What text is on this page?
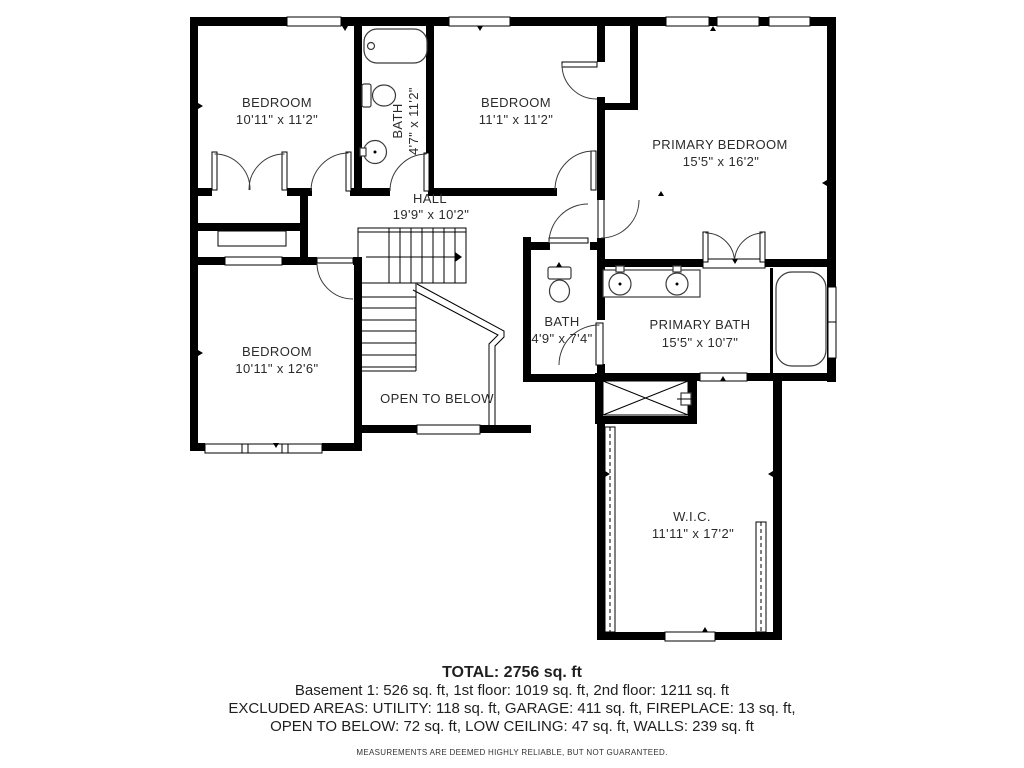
BEDROOM
10'11" x 11'2"	BATH 4'7" x 11'2"	BEDROOM
11'1" x 11'2"
PRIMARY BEDROOM
15'5" x 16'2"
HALL
19'9" x 10'2"
BEDROOM
10'11" x 12'6"
BATH
4'9" x 7'4"
PRIMARY BATH
15'5" x 10'7"
OPEN TO BELOW
W.I.C.
11'11" x 17'2"
TOTAL: 2756 sq. ft
Basement 1: 526 sq. ft, 1st floor: 1019 sq. ft, 2nd floor: 1211 sq. ft
EXCLUDED AREAS: UTILITY: 118 sq. ft, GARAGE: 411 sq. ft, FIREPLACE: 13 sq. ft,
OPEN TO BELOW: 72 sq. ft, LOW CEILING: 47 sq. ft, WALLS: 239 sq. ft
MEASUREMENTS ARE DEEMED HIGHLY RELIABLE, BUT NOT GUARANTEED.
